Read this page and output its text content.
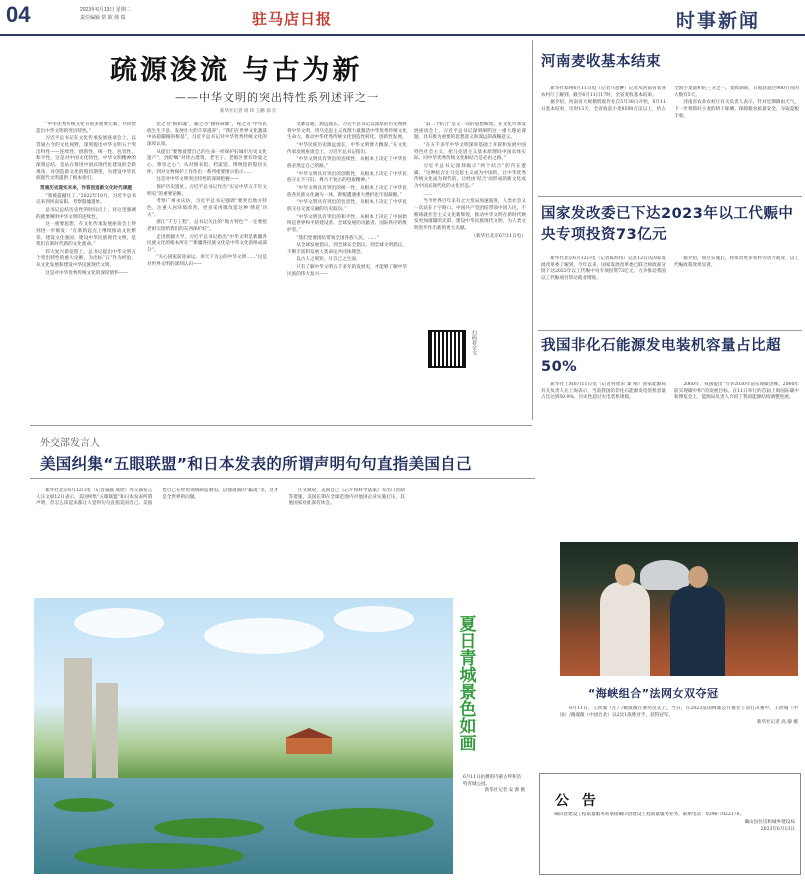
04	2023年6月13日 星期二
责任编辑 常 欽 韩 瑞	驻马店日报	时事新闻
疏源浚流 与古为新
——中华文明的突出特性系列述评之一
新华社记者 周 玮 王鹏 徐 壮

“中华优秀传统文化有很多重要元素，共同塑造出中华文明的突出特性。”

习近平总书记在文化传承发展座谈会上，以贯通古今的文化视野，深刻提出中华文明五个突出特性——连续性、创新性、统一性、包容性、和平性。这是对中国文化特性、中华文明精神的深刻总结，是站在推进中国式现代化建设的全新视角，对创造新文化的殷切期望，为建设中华民族现代文明提供了根本指引。

贯通历史现实未来，作答创造新文化时代课题

“我被震撼住了。”2022年10月，习近平总书记来到河南安阳，考察殷墟遗址。

总书记总结历史性的时间点上，对这里强调的就要阐明中华文明的连续性。

这一重要思想，在文化传承发展座谈会上得到进一步阐发：“在新的起点上继续推动文化繁荣、建设文化强国、建设中华民族现代文明，是我们在新时代新的文化使命。”

伟大复兴新征程上，总书记提出中华文明五个突出特性的重大论断，为出标“五”作为经验，从文化发展和建设中华民族现代文明。

这是对中华优秀传统文化的深厚情怀——

比之为“根和魂”，喻之为“独特命脉”，视之为“中华民族生生不息、发展壮大的丰厚滋养”，“我们在世界文化激荡中站稳脚跟的根基”，习近平总书记对中华优秀传统文化的深厚认知。

从提出“要像爱惜自己的生命一样保护好城市历史文化遗产”，到盯嘱“对待古建筑、老宅子、老街区要有珍爱之心、尊崇之心”；从对图书馆、档案馆、博物馆的殷切关怀，到对文物保护工作作出一系列重要批示指示……

这是对中华文明突出特性的深刻把握——

保护历史遗址，习近平总书记作出“实证中华五千年文明史”的重要论断。

考察广州永庆坊，习近平总书记强调“要突出地方特色，注重人居环境改善，更多采用微改造这种‘绣花’功夫”。

浙江“千万工程”，总书记关注的“地方特色”“一定要把老祖宗留给我们的东西保护好”。

走进新疆大学，习近平总书记指出“中华文明是新疆各民族文化的根本所在”“新疆各民族文化是中华文化的组成部分”。

“关心国家前途命运、讲天下为公的中华文明……”这是对世界文明的深刻认识——

文脉贯通，源远流长。习近平总书记以深厚的历史视野将中华文明，用马克思主义真理力量激活中华优秀传统文化生命力，推动中华优秀传统文化创造性转化、创新性发展。

“中华民族历史源远流长，中华文明博大精深。”在文化传承发展座谈会上，习近平总书记指出。

“中华文明具有突出的连续性，从根本上决定了中华民族必然走自己的路。”

“中华文明具有突出的创新性，从根本上决定了中华民族守正不守旧、尊古不复古的进取精神。”

“中华文明具有突出的统一性，从根本上决定了中华民族各民族文化融为一体、即使遭遇重大挫折也牢固凝聚。”

“中华文明具有突出的包容性，从根本上决定了中华民族交往交流交融的历史取向。”

“中华文明具有突出的和平性，从根本上决定了中国始终是世界和平的建设者、全球发展的贡献者、国际秩序的维护者。”

“我们党要团结带领全国各族人民，……”

从全球发展倡议、到全球安全倡议、到全球文明倡议，不断丰富和发展人类命运共同体理念。

以古人之规矩，开自己之生面。

只有了解中华文明五千多年的发展史，才能够了解中华民族的伟大复兴——

“第二个结合”是又一次的思想解放。在文化传承发展座谈会上，习近平总书记深刻阐明这一重大理论课题，具有极为重要的思想意义和深远的战略意义。

“在五千多年中华文明深厚基础上开辟和发展中国特色社会主义，把马克思主义基本原理同中国具体实际、同中华优秀传统文化相结合是必由之路。”

习近平总书记深刻揭示“两个结合”的内在逻辑，“这种结合让马克思主义成为中国的，让中华优秀传统文化成为现代的，让经由‘结合’而形成的新文化成为中国式现代化的文化形态。”

……

当今世界百年未有之大变局加速演进，人类社会又一次站在十字路口。中国共产党团结带领中国人民，不断铸就社会主义文化新辉煌，推动中华文明在新时代焕发更加璀璨的光彩，建设中华民族现代文明，为人类文明进步作出新的更大贡献。

（新华社北京6月11日电）

扫码看全文
河南麦收基本结束

新华社郑州6月11日电（记者马意翀）记者从河南省农业农村厅了解到，截至6月11日17时，全省麦收基本结束。

据介绍，河南省大规模机收作业自5月30日开始，6月11日基本结束，历时13天，全省收获小麦8500万亩以上，约占全国小麦面积的三分之一。麦收期间，日收获超过900万亩的大数有5天。

河南省农业农村厅有关负责人表示，针对近期降雨天气，下一步将抓好小麦的烘干晾晒，保障粮食质量安全，夺取夏粮丰收。

国家发改委已下达2023年以工代赈中央专项投资73亿元

新华社北京6月12日电（记者陈炜伟）记者12日从国家发展改革委了解到，今年以来，国家发展改革委已联合财政部分批下达2023年以工代赈中央专项投资73亿元，力争推动我国以工代赈项目带动就业增收。

据介绍，项目实施后，将带动更多农村劳动力就业，以工代赈政策效果显著。

我国非化石能源发电装机容量占比超50%

新华社上海6月11日电（记者何欣荣 秦 刚）国家能源局有关负责人在上海表示，当前我国的非化石能源发电装机容量占比达到50.9%，历史性超过火电装机规模。

2060年，我国提出“力争2030年前实现碳达峰、2060年前实现碳中和”的发展目标。在11日举行的首届上海国际碳中和博览会上，能源局负责人介绍了我国能源结构调整进展。

“海峡组合”法网女双夺冠

6月11日，王欣瑜（左）/谢淑薇在颁奖仪式上。当日，在2023法国网球公开赛女子双打决赛中，王欣瑜（中国）/谢淑薇（中国台北）以2比1战胜对手，获得冠军。

新华社记者 高 静 摄

外交部发言人
美国纠集“五眼联盟”和日本发表的所谓声明句句直指美国自己

新华社北京6月12日电（记者董越 成欣）外交部发言人汪文斌12日表示，美国纠集“五眼联盟”和日本发表所谓声明，但怎么读起来都让人觉得句句直指美国自己。美国也自己在经贸领域制造胁迫、以强凌弱的“霸凌”等，这才是全世界的问题。

汪文斌说，美国自己《芯片和科学法案》等出口管制等措施，美国长期在全球范围内对他国企业实施打压，其他国家对此深有体会。

夏日青城景色如画

6月11日拍摄的内蒙古呼和浩特青城公园。

新华社记者 安 源 摄

公 告

确山县建设工程质量服务站承接确山县建设工程质量服务业务，联系电话：0396-7022176。

确山县住房和城乡建设局

2023年6月13日
